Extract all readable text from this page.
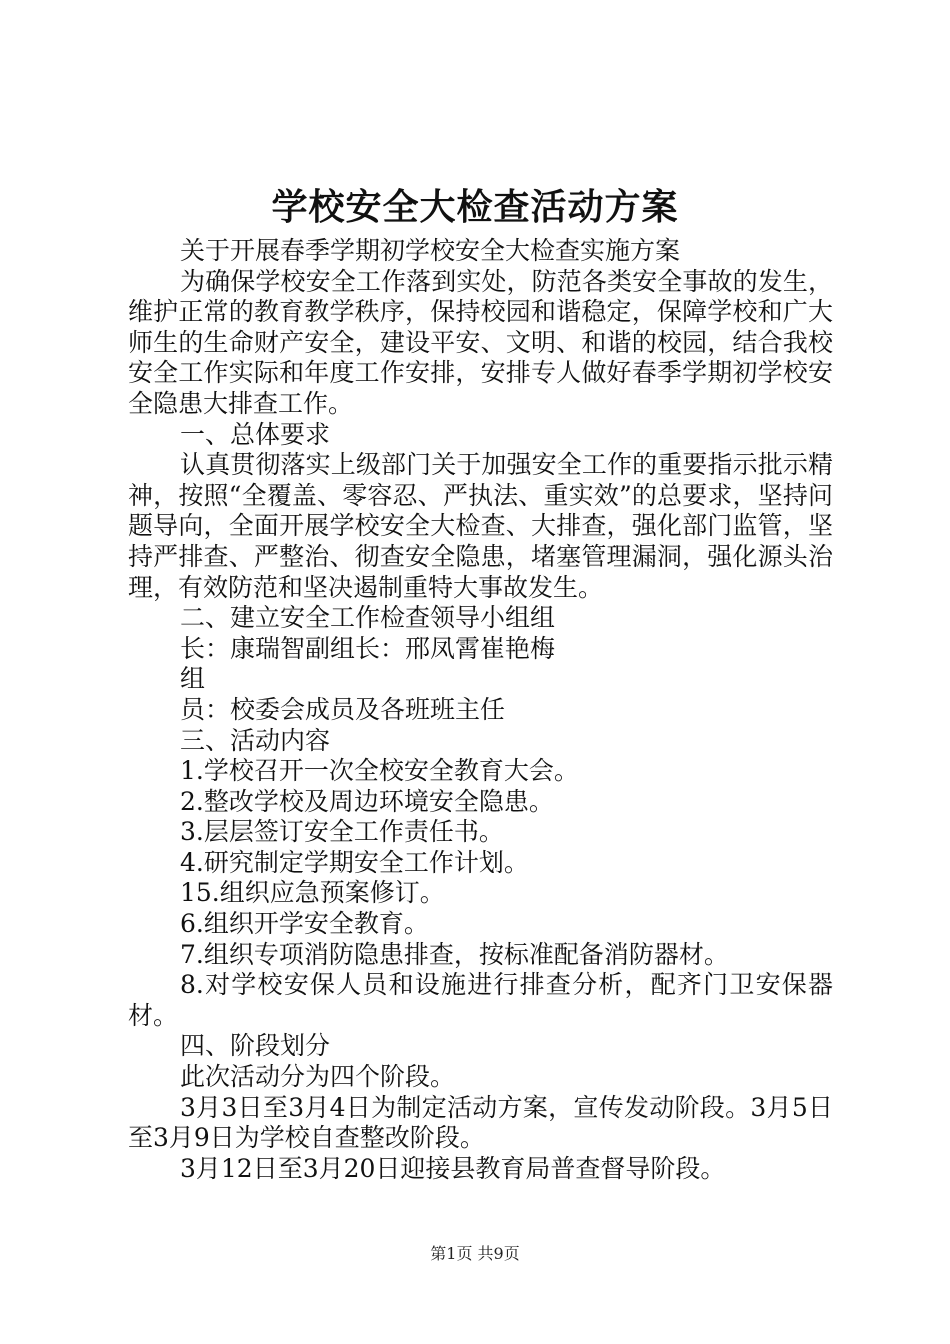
学校安全大检查活动方案

关于开展春季学期初学校安全大检查实施方案

为确保学校安全工作落到实处，防范各类安全事故的发生，维护正常的教育教学秩序，保持校园和谐稳定，保障学校和广大师生的生命财产安全，建设平安、文明、和谐的校园，结合我校安全工作实际和年度工作安排，安排专人做好春季学期初学校安全隐患大排查工作。

一、总体要求

认真贯彻落实上级部门关于加强安全工作的重要指示批示精神，按照“全覆盖、零容忍、严执法、重实效”的总要求，坚持问题导向，全面开展学校安全大检查、大排查，强化部门监管，坚持严排查、严整治、彻查安全隐患，堵塞管理漏洞，强化源头治理，有效防范和坚决遏制重特大事故发生。

二、建立安全工作检查领导小组组

长：康瑞智副组长：邢凤霄崔艳梅

组

员：校委会成员及各班班主任

三、活动内容

1.学校召开一次全校安全教育大会。

2.整改学校及周边环境安全隐患。

3.层层签订安全工作责任书。

4.研究制定学期安全工作计划。

15.组织应急预案修订。

6.组织开学安全教育。

7.组织专项消防隐患排查，按标准配备消防器材。

8.对学校安保人员和设施进行排查分析，配齐门卫安保器材。

四、阶段划分

此次活动分为四个阶段。

3月3日至3月4日为制定活动方案，宣传发动阶段。3月5日至3月9日为学校自查整改阶段。

3月12日至3月20日迎接县教育局普查督导阶段。

第1页 共9页
